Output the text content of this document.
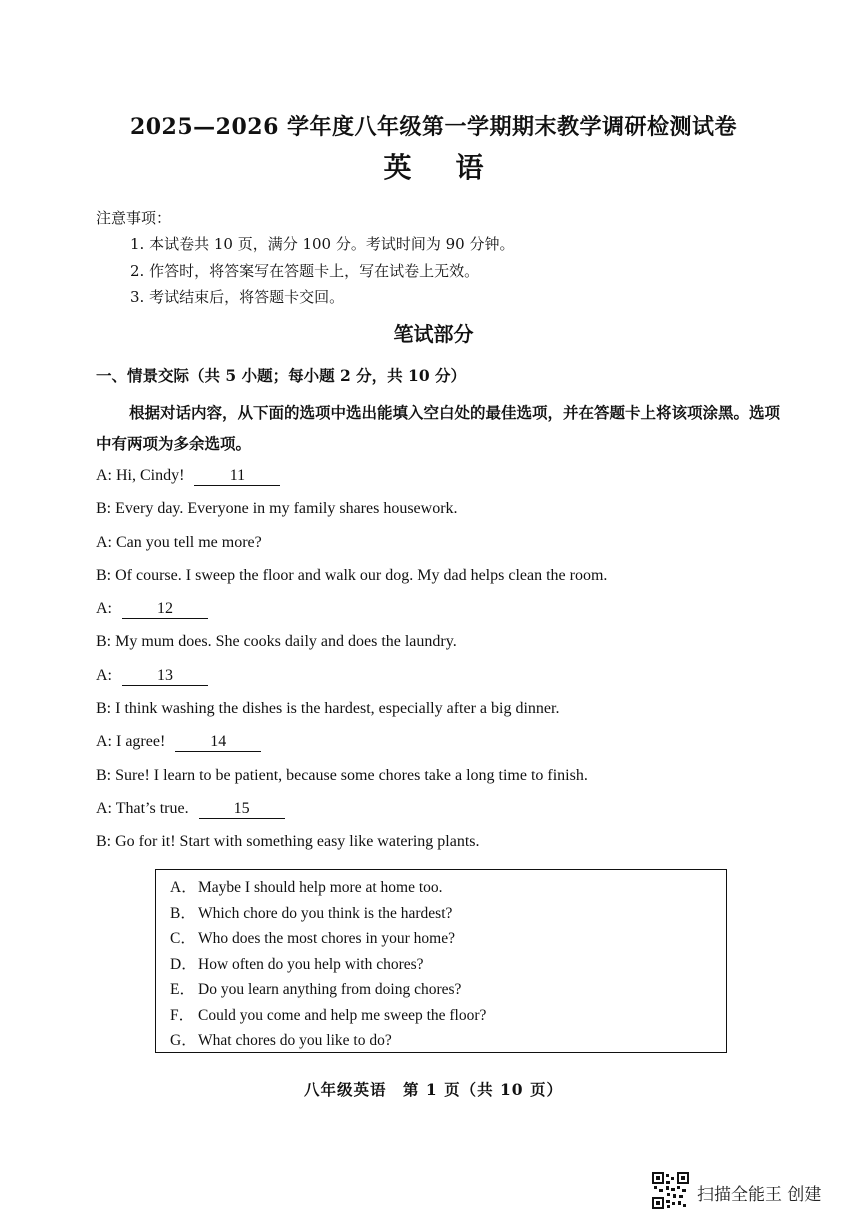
2025—2026 学年度八年级第一学期期末教学调研检测试卷
英 语
注意事项：
1. 本试卷共 10 页，满分 100 分。考试时间为 90 分钟。
2. 作答时，将答案写在答题卡上，写在试卷上无效。
3. 考试结束后，将答题卡交回。
笔试部分
一、情景交际（共 5 小题；每小题 2 分，共 10 分）
根据对话内容，从下面的选项中选出能填入空白处的最佳选项，并在答题卡上将该项涂黑。选项
中有两项为多余选项。
A: Hi, Cindy!	11
B: Every day. Everyone in my family shares housework.
A: Can you tell me more?
B: Of course. I sweep the floor and walk our dog. My dad helps clean the room.
A:	12
B: My mum does. She cooks daily and does the laundry.
A:	13
B: I think washing the dishes is the hardest, especially after a big dinner.
A: I agree!	14
B: Sure! I learn to be patient, because some chores take a long time to finish.
A: That’s true.	15
B: Go for it! Start with something easy like watering plants.
A．Maybe I should help more at home too.
B． Which chore do you think is the hardest?
C． Who does the most chores in your home?
D．How often do you help with chores?
E． Do you learn anything from doing chores?
F． Could you come and help me sweep the floor?
G．What chores do you like to do?
八年级英语　第 1 页（共 10 页）
扫描全能王 创建
